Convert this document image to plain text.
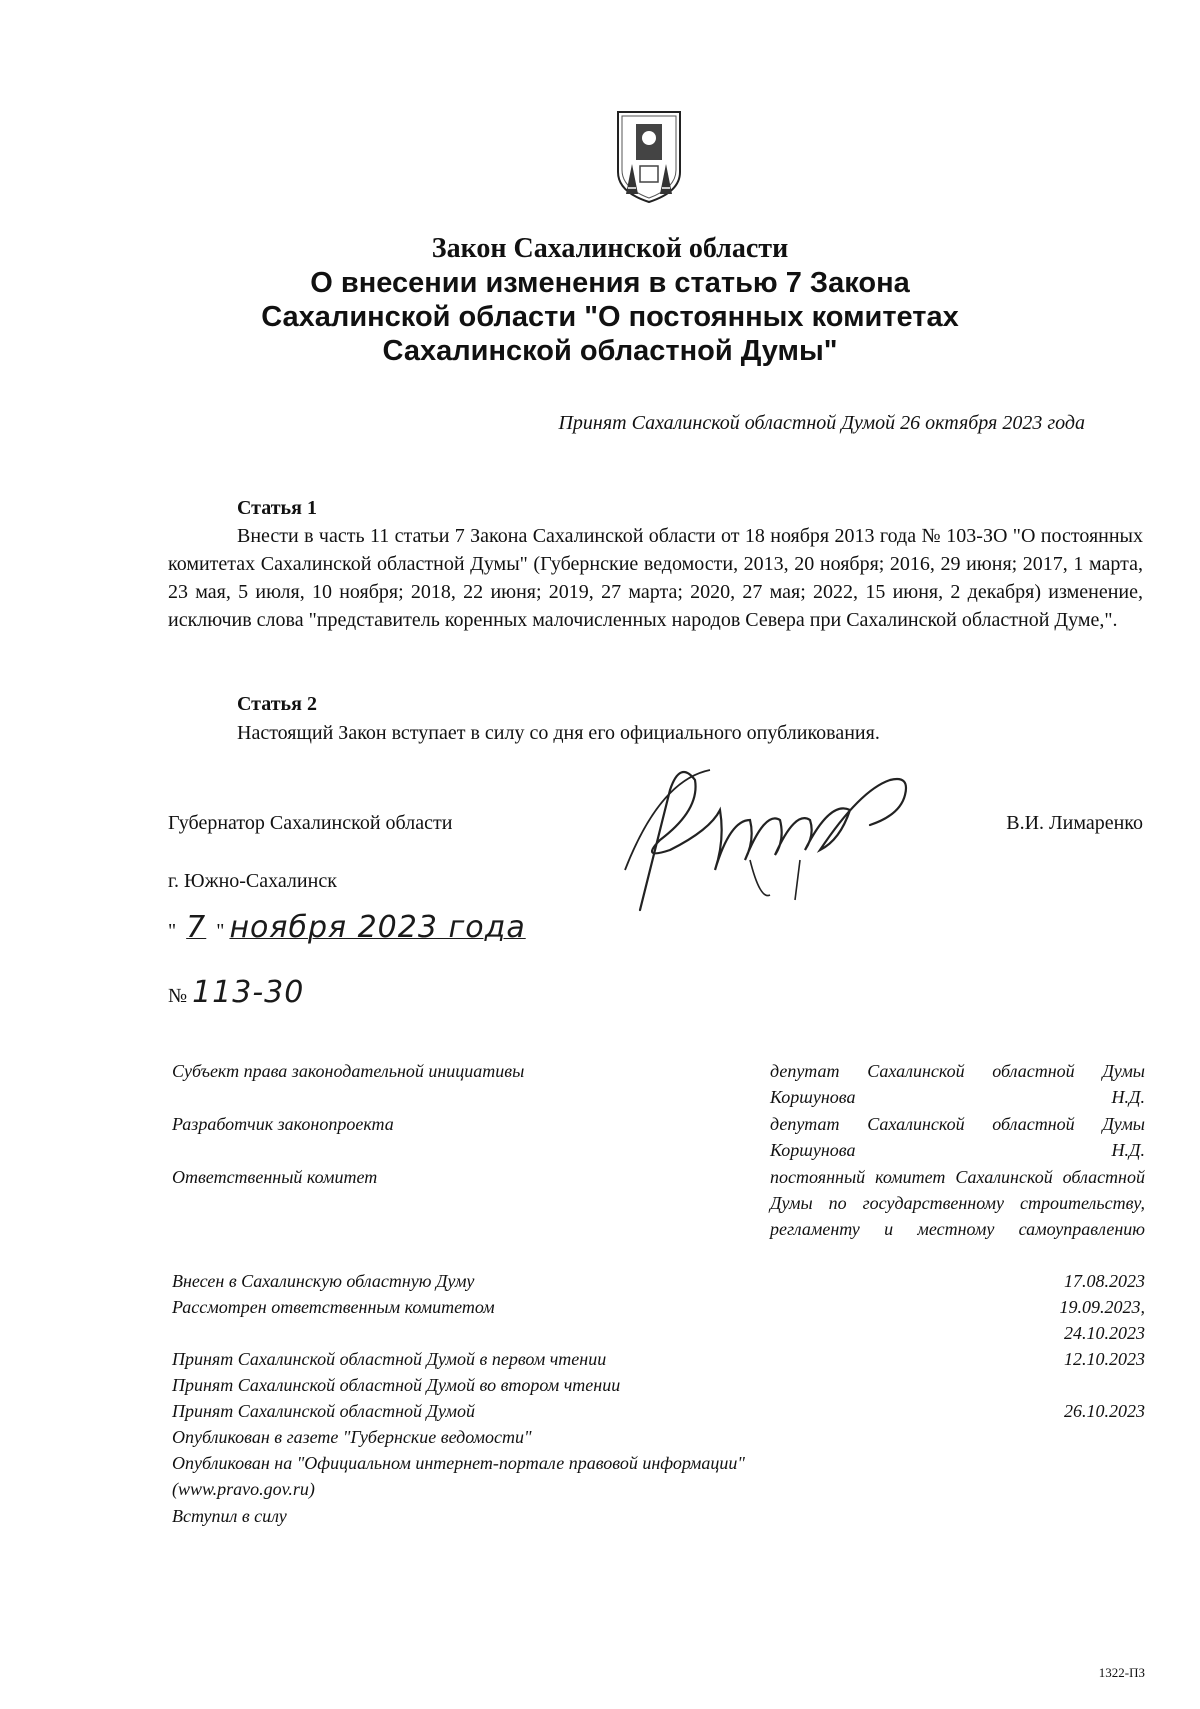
Закон Сахалинской области
О внесении изменения в статью 7 Закона
Сахалинской области "О постоянных комитетах
Сахалинской областной Думы"
Принят Сахалинской областной Думой 26 октября 2023 года
Статья 1
Внести в часть 11 статьи 7 Закона Сахалинской области от 18 ноября 2013 года № 103-ЗО "О постоянных комитетах Сахалинской областной Думы" (Губернские ведомости, 2013, 20 ноября; 2016, 29 июня; 2017, 1 марта, 23 мая, 5 июля, 10 ноября; 2018, 22 июня; 2019, 27 марта; 2020, 27 мая; 2022, 15 июня, 2 декабря) изменение, исключив слова "представитель коренных малочисленных народов Севера при Сахалинской областной Думе,".
Статья 2
Настоящий Закон вступает в силу со дня его официального опубликования.
Губернатор Сахалинской области	В.И. Лимаренко
г. Южно-Сахалинск
" 7 " ноября 2023 года
№ 113-30
Субъект права законодательной инициативы	депутат Сахалинской областной Думы Коршунова Н.Д.
Разработчик законопроекта	депутат Сахалинской областной Думы Коршунова Н.Д.
Ответственный комитет	постоянный комитет Сахалинской областной Думы по государственному строительству, регламенту и местному самоуправлению
Внесен в Сахалинскую областную Думу	17.08.2023
Рассмотрен ответственным комитетом	19.09.2023,
24.10.2023
Принят Сахалинской областной Думой в первом чтении	12.10.2023
Принят Сахалинской областной Думой во втором чтении
Принят Сахалинской областной Думой	26.10.2023
Опубликован в газете "Губернские ведомости"
Опубликован на "Официальном интернет-портале правовой информации" (www.pravo.gov.ru)
Вступил в силу
1322-ПЗ
